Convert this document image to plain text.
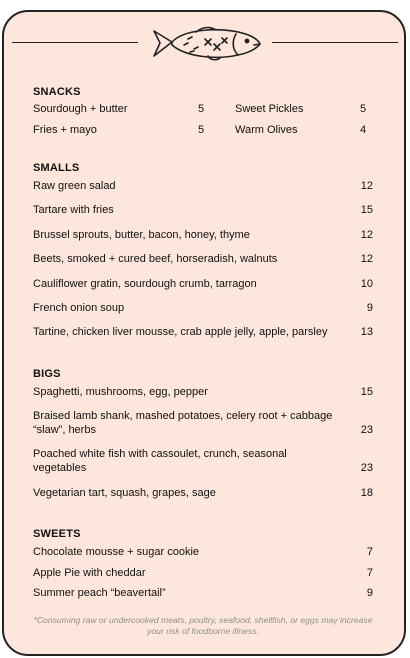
SNACKS
Sourdough + butter	5	Sweet Pickles	5
Fries + mayo	5	Warm Olives	4
SMALLS
Raw green salad	12
Tartare with fries	15
Brussel sprouts, butter, bacon, honey, thyme	12
Beets, smoked + cured beef, horseradish, walnuts	12
Cauliflower gratin, sourdough crumb, tarragon	10
French onion soup	9
Tartine, chicken liver mousse, crab apple jelly, apple, parsley	13
BIGS
Spaghetti, mushrooms, egg, pepper	15
Braised lamb shank, mashed potatoes, celery root + cabbage “slaw”, herbs	23
Poached white fish with cassoulet, crunch, seasonal vegetables	23
Vegetarian tart, squash, grapes, sage	18
SWEETS
Chocolate mousse + sugar cookie	7
Apple Pie with cheddar	7
Summer peach “beavertail”	9
*Consuming raw or undercooked meats, poultry, seafood, shellfish, or eggs may increase your risk of foodborne illness.
